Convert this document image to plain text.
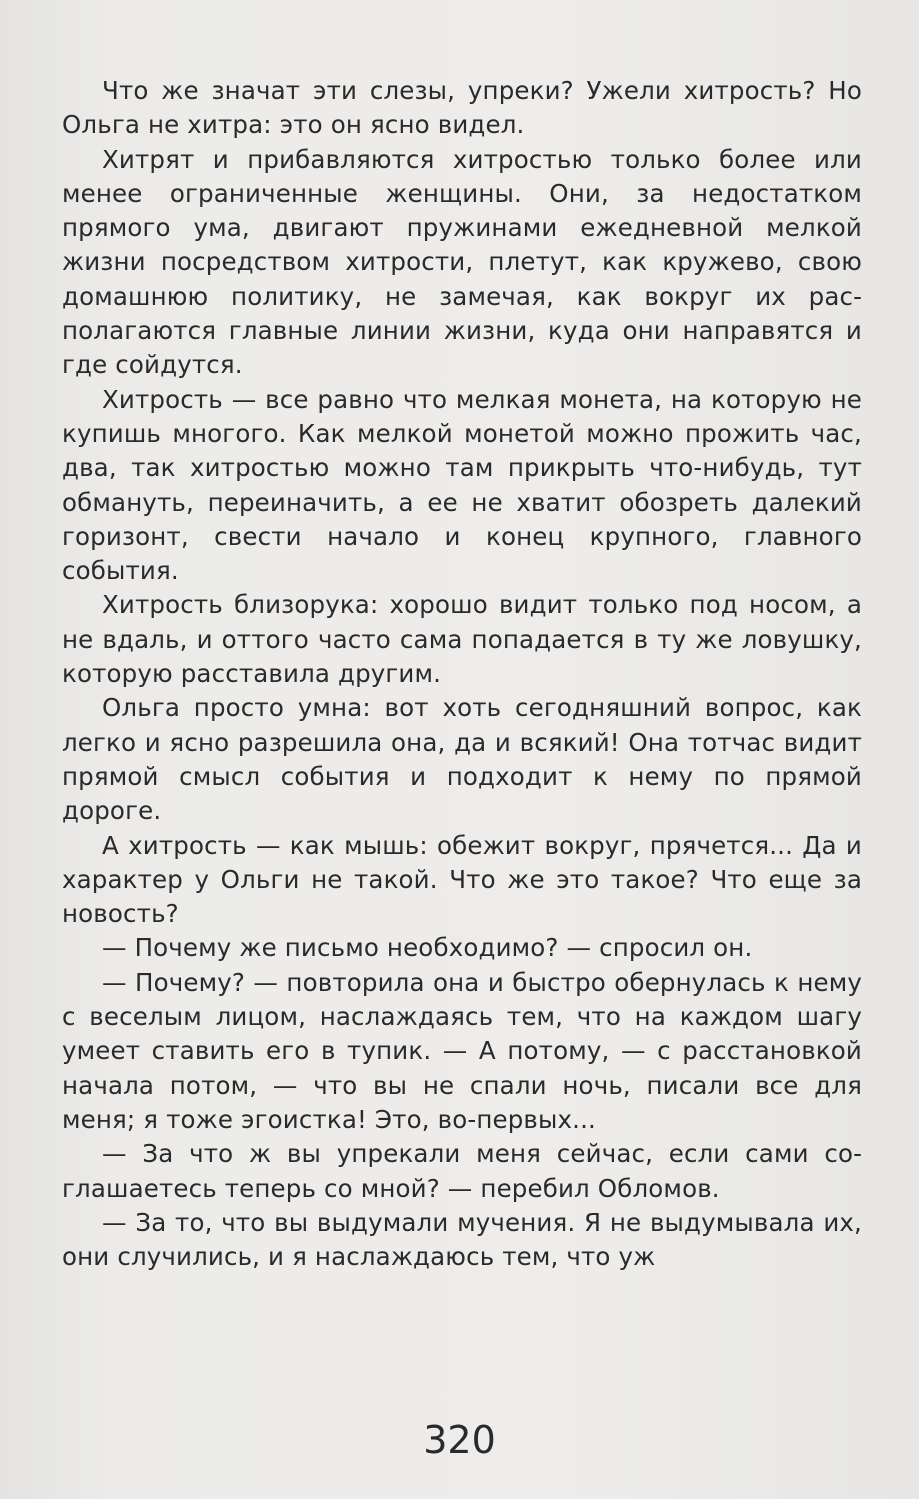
Что же значат эти слезы, упреки? Ужели хитрость? Но Ольга не хитра: это он ясно видел.

Хитрят и прибавляются хитростью только более или менее ограниченные женщины. Они, за недостатком прямого ума, двигают пружинами ежедневной мелкой жизни посредством хитрости, плетут, как кружево, свою домашнюю политику, не замечая, как вокруг их располагаются главные линии жизни, куда они направятся и где сойдутся.

Хитрость — все равно что мелкая монета, на которую не купишь многого. Как мелкой монетой можно прожить час, два, так хитростью можно там прикрыть что-нибудь, тут обмануть, переиначить, а ее не хватит обозреть далекий горизонт, свести начало и конец крупного, главного события.

Хитрость близорука: хорошо видит только под носом, а не вдаль, и оттого часто сама попадается в ту же ловушку, которую расставила другим.

Ольга просто умна: вот хоть сегодняшний вопрос, как легко и ясно разрешила она, да и всякий! Она тотчас видит прямой смысл события и подходит к нему по прямой дороге.

А хитрость — как мышь: обежит вокруг, прячется... Да и характер у Ольги не такой. Что же это такое? Что еще за новость?

— Почему же письмо необходимо? — спросил он.

— Почему? — повторила она и быстро обернулась к нему с веселым лицом, наслаждаясь тем, что на каждом шагу умеет ставить его в тупик. — А потому, — с расстановкой начала потом, — что вы не спали ночь, писали все для меня; я тоже эгоистка! Это, во-первых...

— За что ж вы упрекали меня сейчас, если сами соглашаетесь теперь со мной? — перебил Обломов.

— За то, что вы выдумали мучения. Я не выдумывала их, они случились, и я наслаждаюсь тем, что уж

320
